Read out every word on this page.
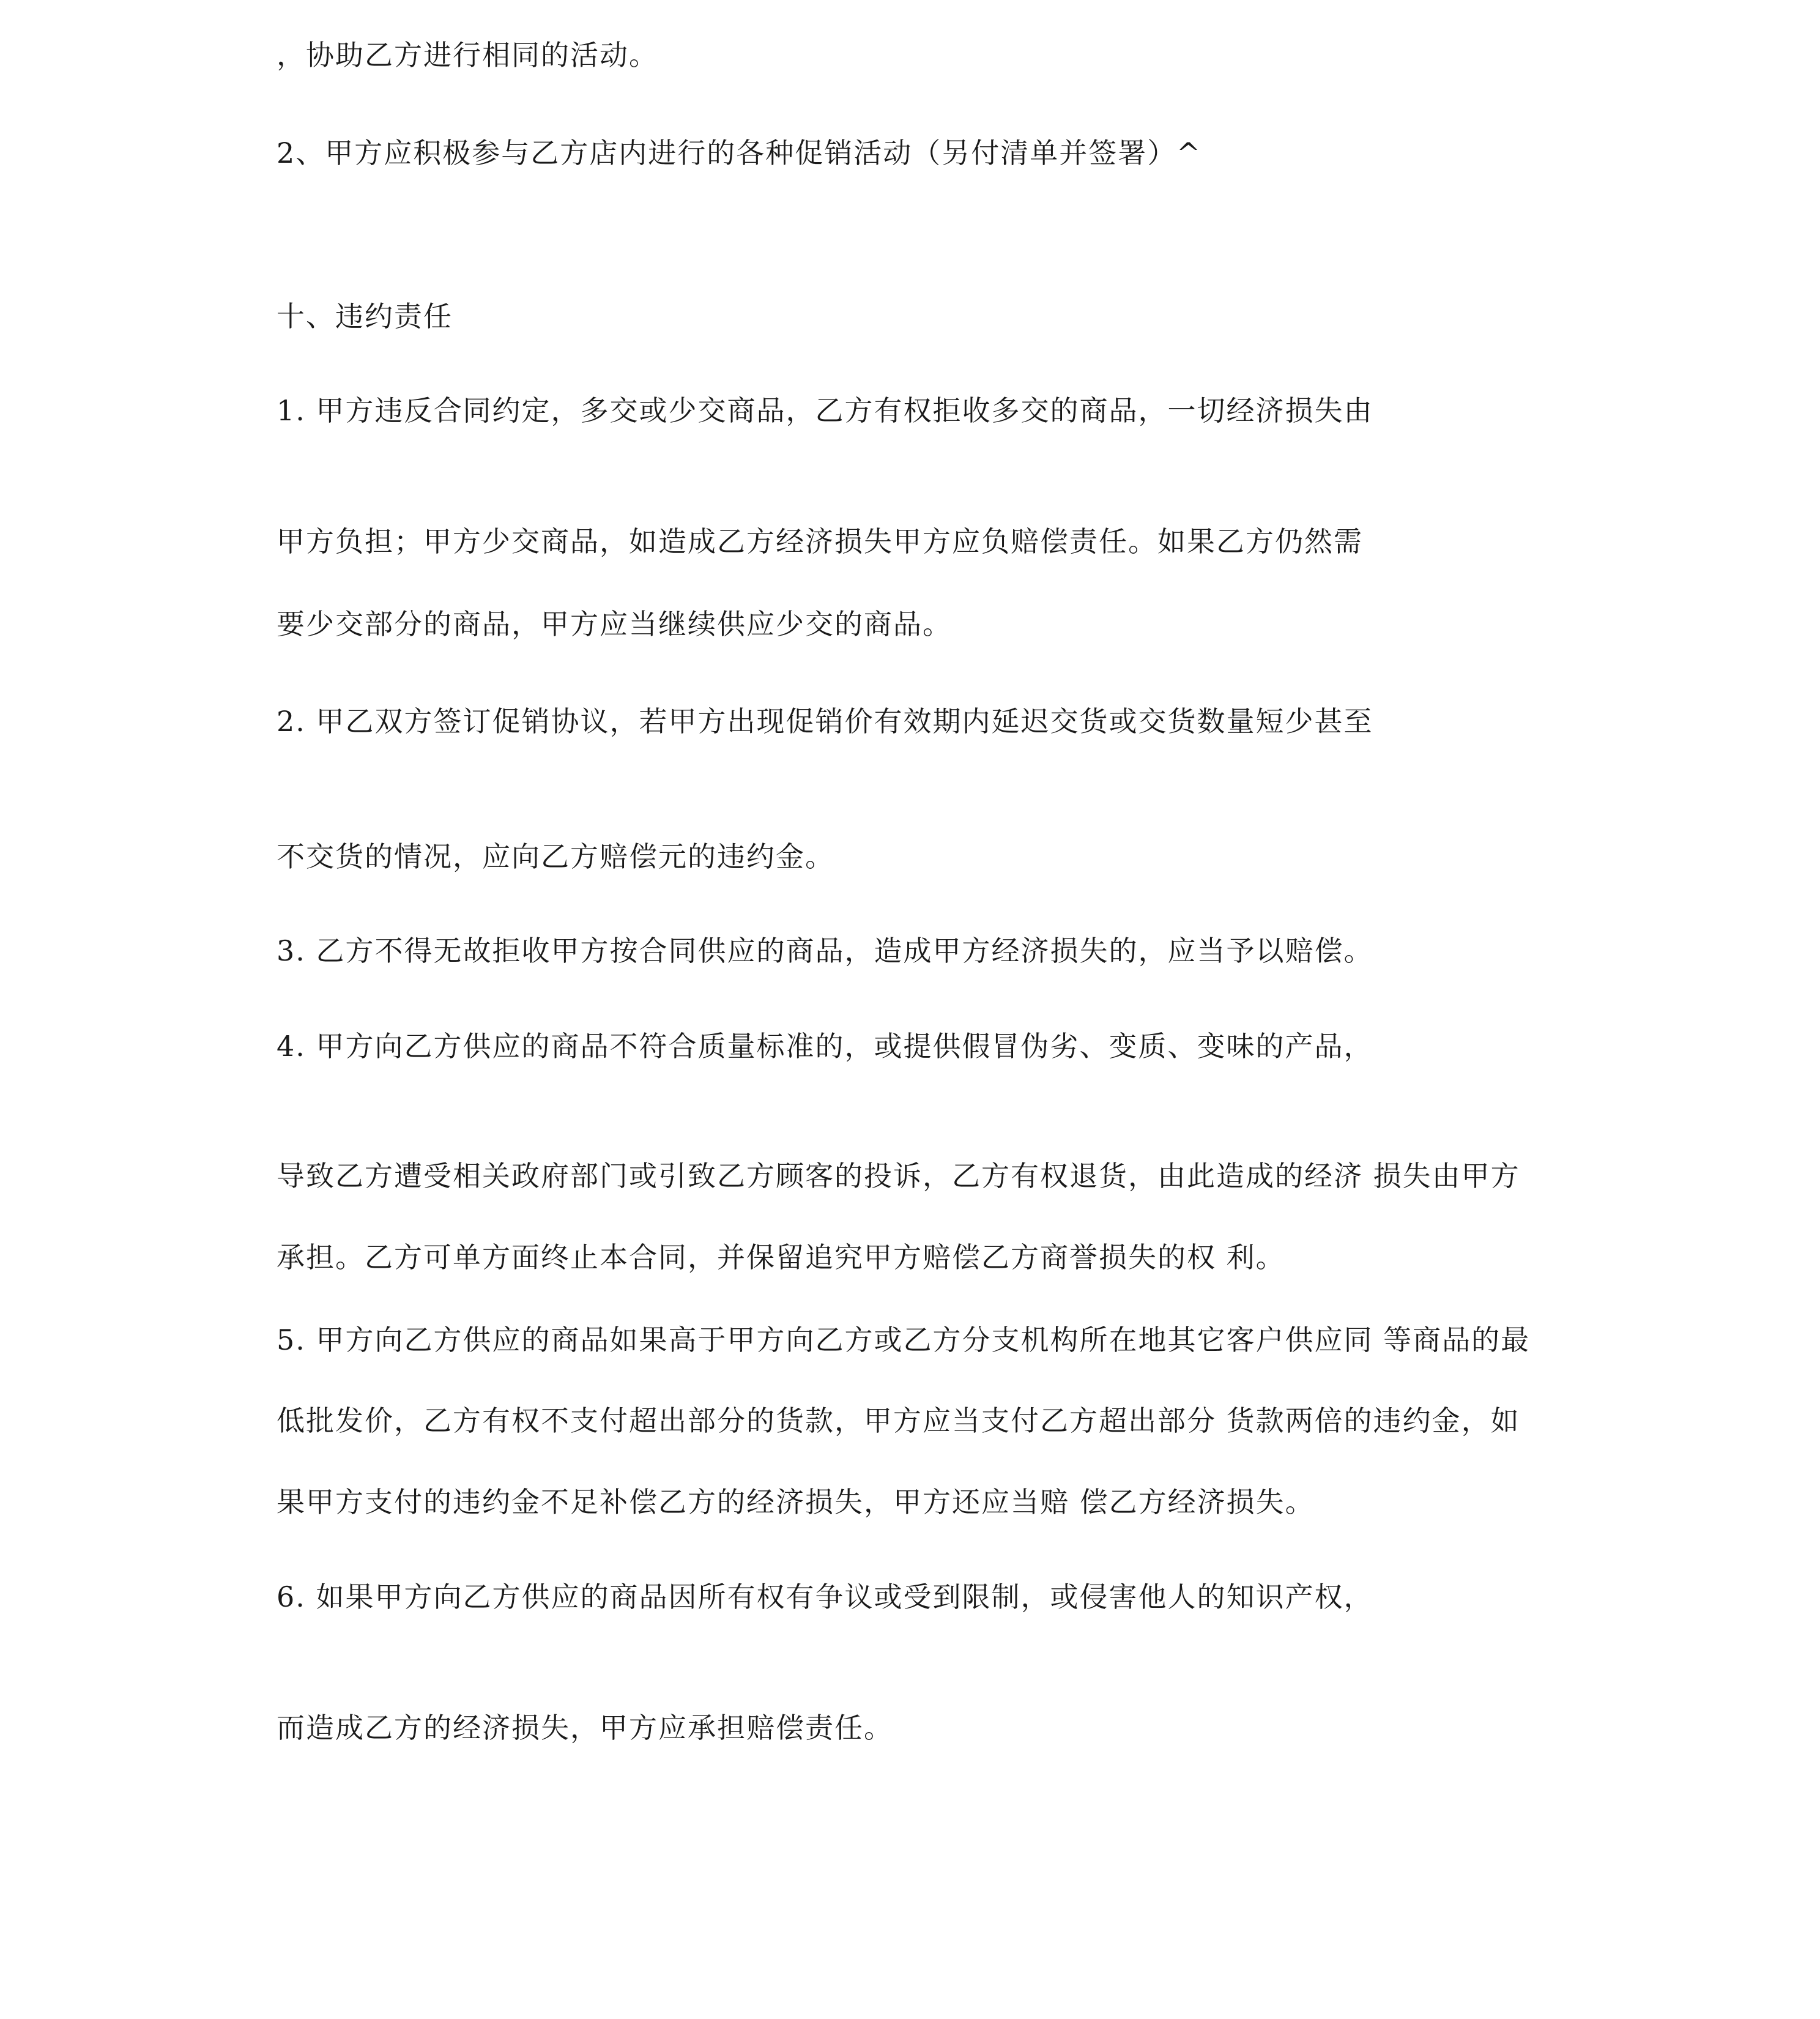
，协助乙方进行相同的活动。
2、甲方应积极参与乙方店内进行的各种促销活动（另付清单并签署）^
十、违约责任
1. 甲方违反合同约定，多交或少交商品，乙方有权拒收多交的商品，一切经济损失由
甲方负担；甲方少交商品，如造成乙方经济损失甲方应负赔偿责任。如果乙方仍然需
要少交部分的商品，甲方应当继续供应少交的商品。
2. 甲乙双方签订促销协议，若甲方出现促销价有效期内延迟交货或交货数量短少甚至
不交货的情况，应向乙方赔偿元的违约金。
3. 乙方不得无故拒收甲方按合同供应的商品，造成甲方经济损失的，应当予以赔偿。
4. 甲方向乙方供应的商品不符合质量标准的，或提供假冒伪劣、变质、变味的产品，
导致乙方遭受相关政府部门或引致乙方顾客的投诉，乙方有权退货，由此造成的经济 损失由甲方
承担。乙方可单方面终止本合同，并保留追究甲方赔偿乙方商誉损失的权 利。
5. 甲方向乙方供应的商品如果高于甲方向乙方或乙方分支机构所在地其它客户供应同 等商品的最
低批发价，乙方有权不支付超出部分的货款，甲方应当支付乙方超出部分 货款两倍的违约金，如
果甲方支付的违约金不足补偿乙方的经济损失，甲方还应当赔 偿乙方经济损失。
6. 如果甲方向乙方供应的商品因所有权有争议或受到限制，或侵害他人的知识产权，
而造成乙方的经济损失，甲方应承担赔偿责任。
